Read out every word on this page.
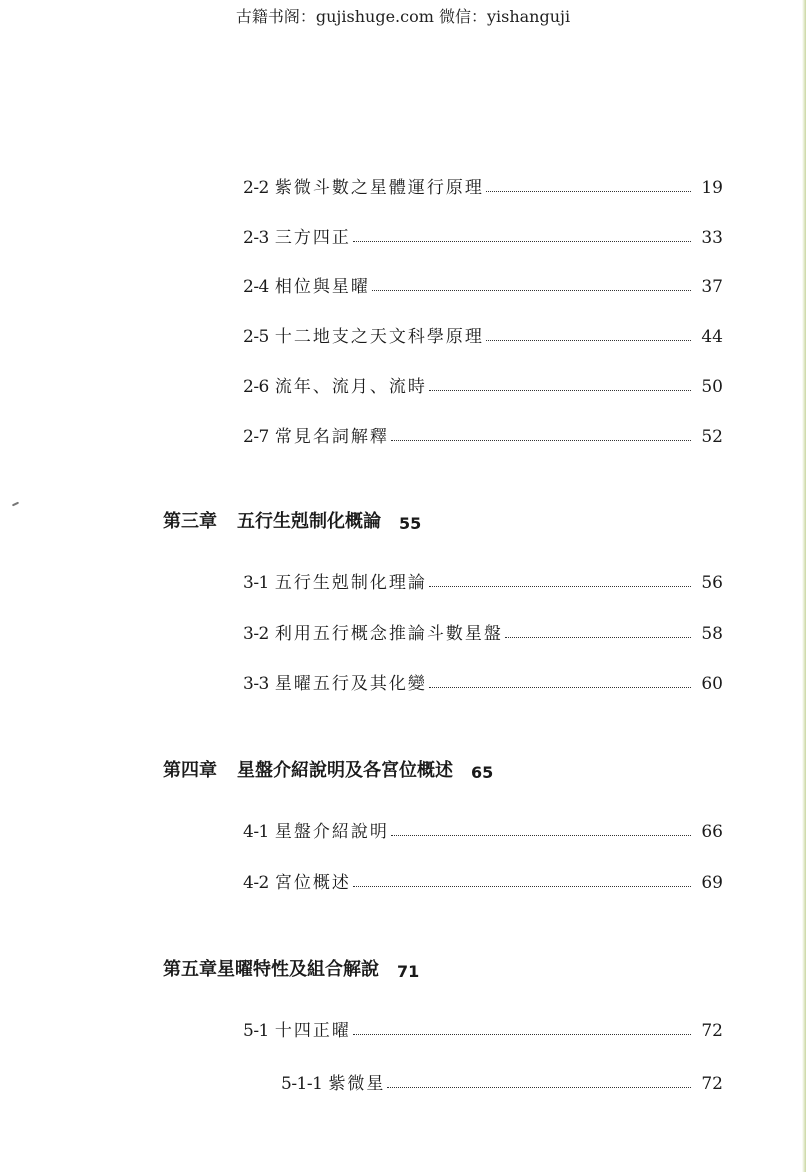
古籍书阁：gujishuge.com 微信：yishanguji
2-2 紫微斗數之星體運行原理	19
2-3 三方四正	33
2-4 相位與星曜	37
2-5 十二地支之天文科學原理	44
2-6 流年、流月、流時	50
2-7 常見名詞解釋	52
第三章 五行生剋制化概論 55
3-1 五行生剋制化理論	56
3-2 利用五行概念推論斗數星盤	58
3-3 星曜五行及其化變	60
第四章 星盤介紹說明及各宮位概述 65
4-1 星盤介紹說明	66
4-2 宮位概述	69
第五章 星曜特性及組合解說 71
5-1 十四正曜	72
5-1-1 紫微星	72
